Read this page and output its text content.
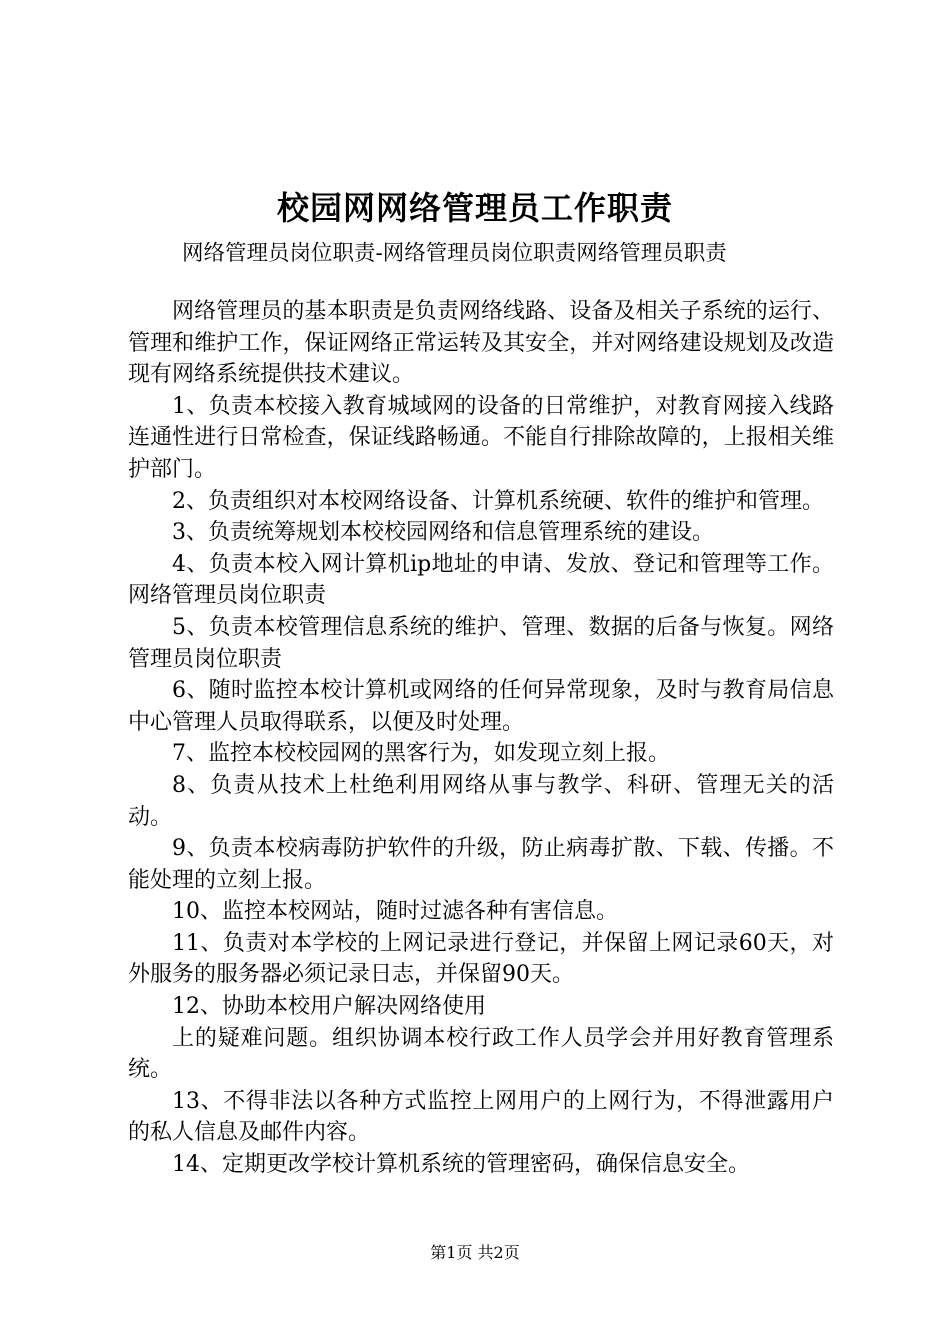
校园网网络管理员工作职责
网络管理员岗位职责-网络管理员岗位职责网络管理员职责

网络管理员的基本职责是负责网络线路、设备及相关子系统的运行、管理和维护工作，保证网络正常运转及其安全，并对网络建设规划及改造现有网络系统提供技术建议。

1、负责本校接入教育城域网的设备的日常维护，对教育网接入线路连通性进行日常检查，保证线路畅通。不能自行排除故障的，上报相关维护部门。

2、负责组织对本校网络设备、计算机系统硬、软件的维护和管理。

3、负责统筹规划本校校园网络和信息管理系统的建设。

4、负责本校入网计算机ip地址的申请、发放、登记和管理等工作。网络管理员岗位职责

5、负责本校管理信息系统的维护、管理、数据的后备与恢复。网络管理员岗位职责

6、随时监控本校计算机或网络的任何异常现象，及时与教育局信息中心管理人员取得联系，以便及时处理。

7、监控本校校园网的黑客行为，如发现立刻上报。

8、负责从技术上杜绝利用网络从事与教学、科研、管理无关的活动。

9、负责本校病毒防护软件的升级，防止病毒扩散、下载、传播。不能处理的立刻上报。

10、监控本校网站，随时过滤各种有害信息。

11、负责对本学校的上网记录进行登记，并保留上网记录60天，对外服务的服务器必须记录日志，并保留90天。

12、协助本校用户解决网络使用

上的疑难问题。组织协调本校行政工作人员学会并用好教育管理系统。

13、不得非法以各种方式监控上网用户的上网行为，不得泄露用户的私人信息及邮件内容。

14、定期更改学校计算机系统的管理密码，确保信息安全。

第1页 共2页
